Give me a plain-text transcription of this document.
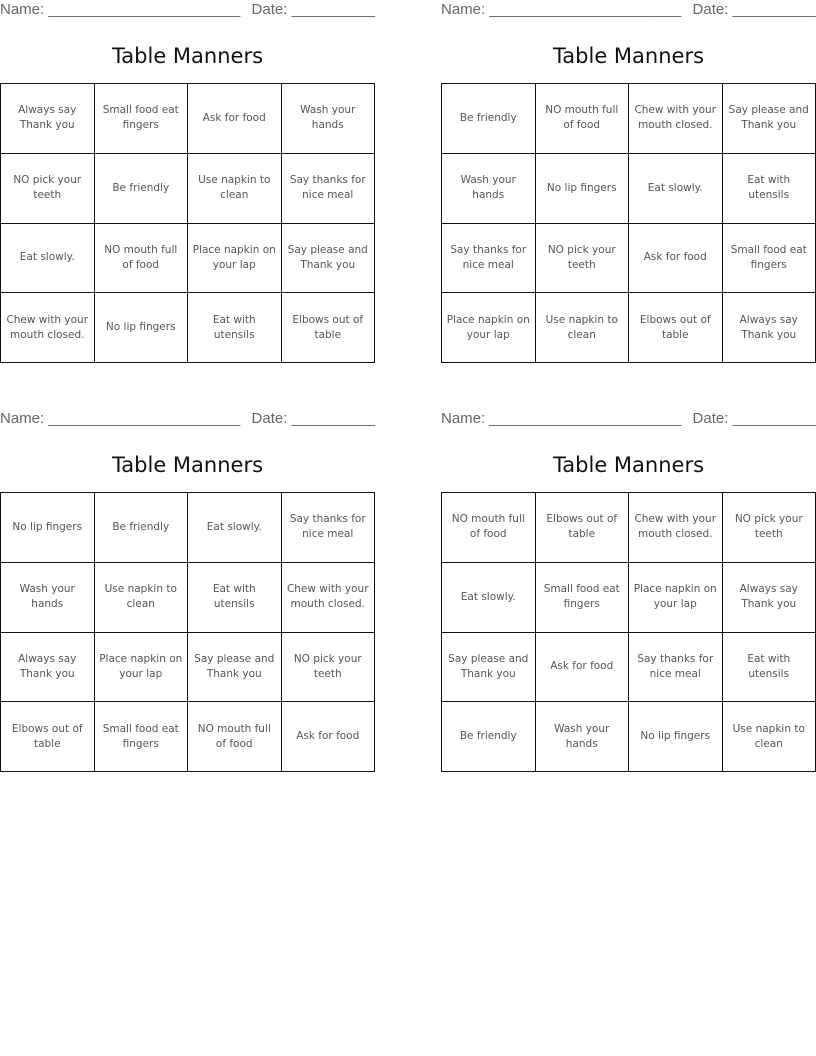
Name: _______________________ Date: __________
Table Manners
Always say Thank you	Small food eat fingers	Ask for food	Wash your hands
NO pick your teeth	Be friendly	Use napkin to clean	Say thanks for nice meal
Eat slowly.	NO mouth full of food	Place napkin on your lap	Say please and Thank you
Chew with your mouth closed.	No lip fingers	Eat with utensils	Elbows out of table
Name: _______________________ Date: __________
Table Manners
Be friendly	NO mouth full of food	Chew with your mouth closed.	Say please and Thank you
Wash your hands	No lip fingers	Eat slowly.	Eat with utensils
Say thanks for nice meal	NO pick your teeth	Ask for food	Small food eat fingers
Place napkin on your lap	Use napkin to clean	Elbows out of table	Always say Thank you
Name: _______________________ Date: __________
Table Manners
No lip fingers	Be friendly	Eat slowly.	Say thanks for nice meal
Wash your hands	Use napkin to clean	Eat with utensils	Chew with your mouth closed.
Always say Thank you	Place napkin on your lap	Say please and Thank you	NO pick your teeth
Elbows out of table	Small food eat fingers	NO mouth full of food	Ask for food
Name: _______________________ Date: __________
Table Manners
NO mouth full of food	Elbows out of table	Chew with your mouth closed.	NO pick your teeth
Eat slowly.	Small food eat fingers	Place napkin on your lap	Always say Thank you
Say please and Thank you	Ask for food	Say thanks for nice meal	Eat with utensils
Be friendly	Wash your hands	No lip fingers	Use napkin to clean
